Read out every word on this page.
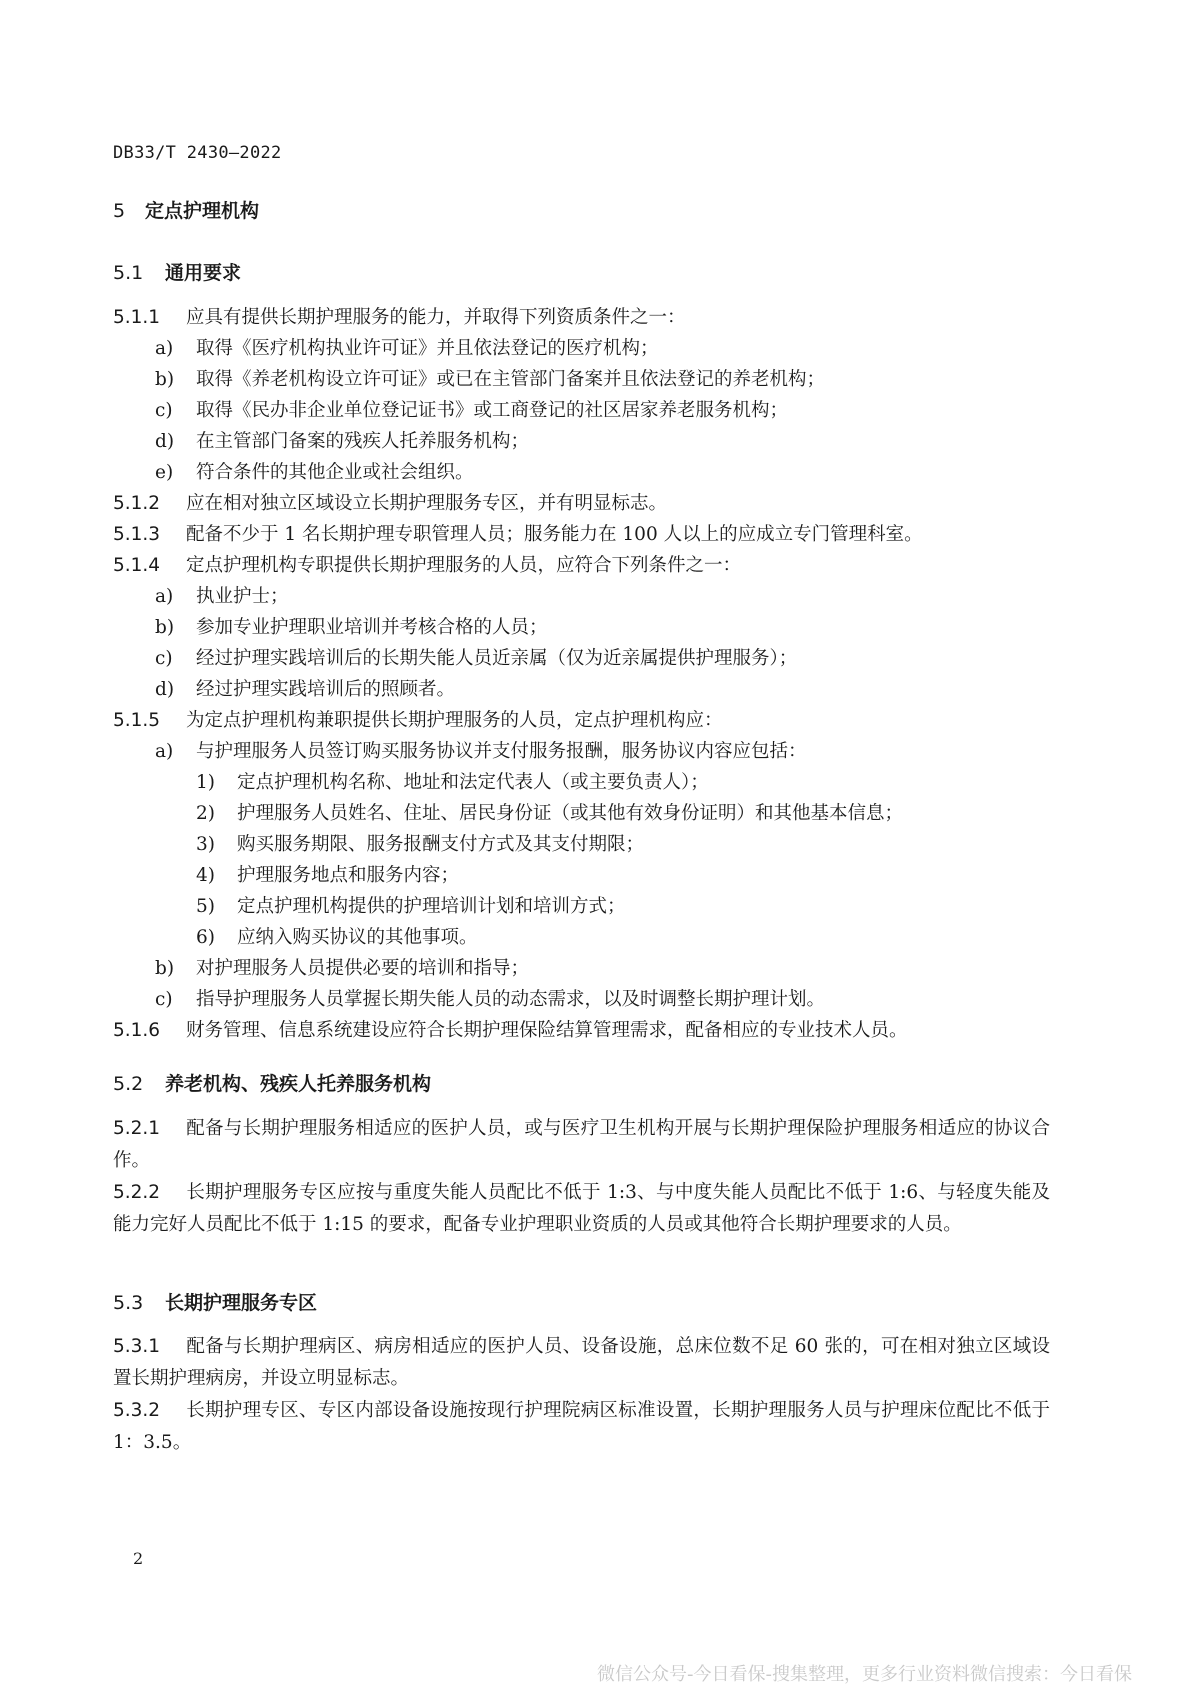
DB33/T 2430—2022
5 定点护理机构
5.1 通用要求
5.1.1 应具有提供长期护理服务的能力，并取得下列资质条件之一：
a) 取得《医疗机构执业许可证》并且依法登记的医疗机构；
b) 取得《养老机构设立许可证》或已在主管部门备案并且依法登记的养老机构；
c) 取得《民办非企业单位登记证书》或工商登记的社区居家养老服务机构；
d) 在主管部门备案的残疾人托养服务机构；
e) 符合条件的其他企业或社会组织。
5.1.2 应在相对独立区域设立长期护理服务专区，并有明显标志。
5.1.3 配备不少于 1 名长期护理专职管理人员；服务能力在 100 人以上的应成立专门管理科室。
5.1.4 定点护理机构专职提供长期护理服务的人员，应符合下列条件之一：
a) 执业护士；
b) 参加专业护理职业培训并考核合格的人员；
c) 经过护理实践培训后的长期失能人员近亲属（仅为近亲属提供护理服务）；
d) 经过护理实践培训后的照顾者。
5.1.5 为定点护理机构兼职提供长期护理服务的人员，定点护理机构应：
a) 与护理服务人员签订购买服务协议并支付服务报酬，服务协议内容应包括：
1) 定点护理机构名称、地址和法定代表人（或主要负责人）；
2) 护理服务人员姓名、住址、居民身份证（或其他有效身份证明）和其他基本信息；
3) 购买服务期限、服务报酬支付方式及其支付期限；
4) 护理服务地点和服务内容；
5) 定点护理机构提供的护理培训计划和培训方式；
6) 应纳入购买协议的其他事项。
b) 对护理服务人员提供必要的培训和指导；
c) 指导护理服务人员掌握长期失能人员的动态需求，以及时调整长期护理计划。
5.1.6 财务管理、信息系统建设应符合长期护理保险结算管理需求，配备相应的专业技术人员。
5.2 养老机构、残疾人托养服务机构
5.2.1 配备与长期护理服务相适应的医护人员，或与医疗卫生机构开展与长期护理保险护理服务相适应的协议合作。
5.2.2 长期护理服务专区应按与重度失能人员配比不低于 1:3、与中度失能人员配比不低于 1:6、与轻度失能及能力完好人员配比不低于 1:15 的要求，配备专业护理职业资质的人员或其他符合长期护理要求的人员。
5.3 长期护理服务专区
5.3.1 配备与长期护理病区、病房相适应的医护人员、设备设施，总床位数不足 60 张的，可在相对独立区域设置长期护理病房，并设立明显标志。
5.3.2 长期护理专区、专区内部设备设施按现行护理院病区标准设置，长期护理服务人员与护理床位配比不低于 1：3.5。
2
微信公众号-今日看保-搜集整理，更多行业资料微信搜索：今日看保
